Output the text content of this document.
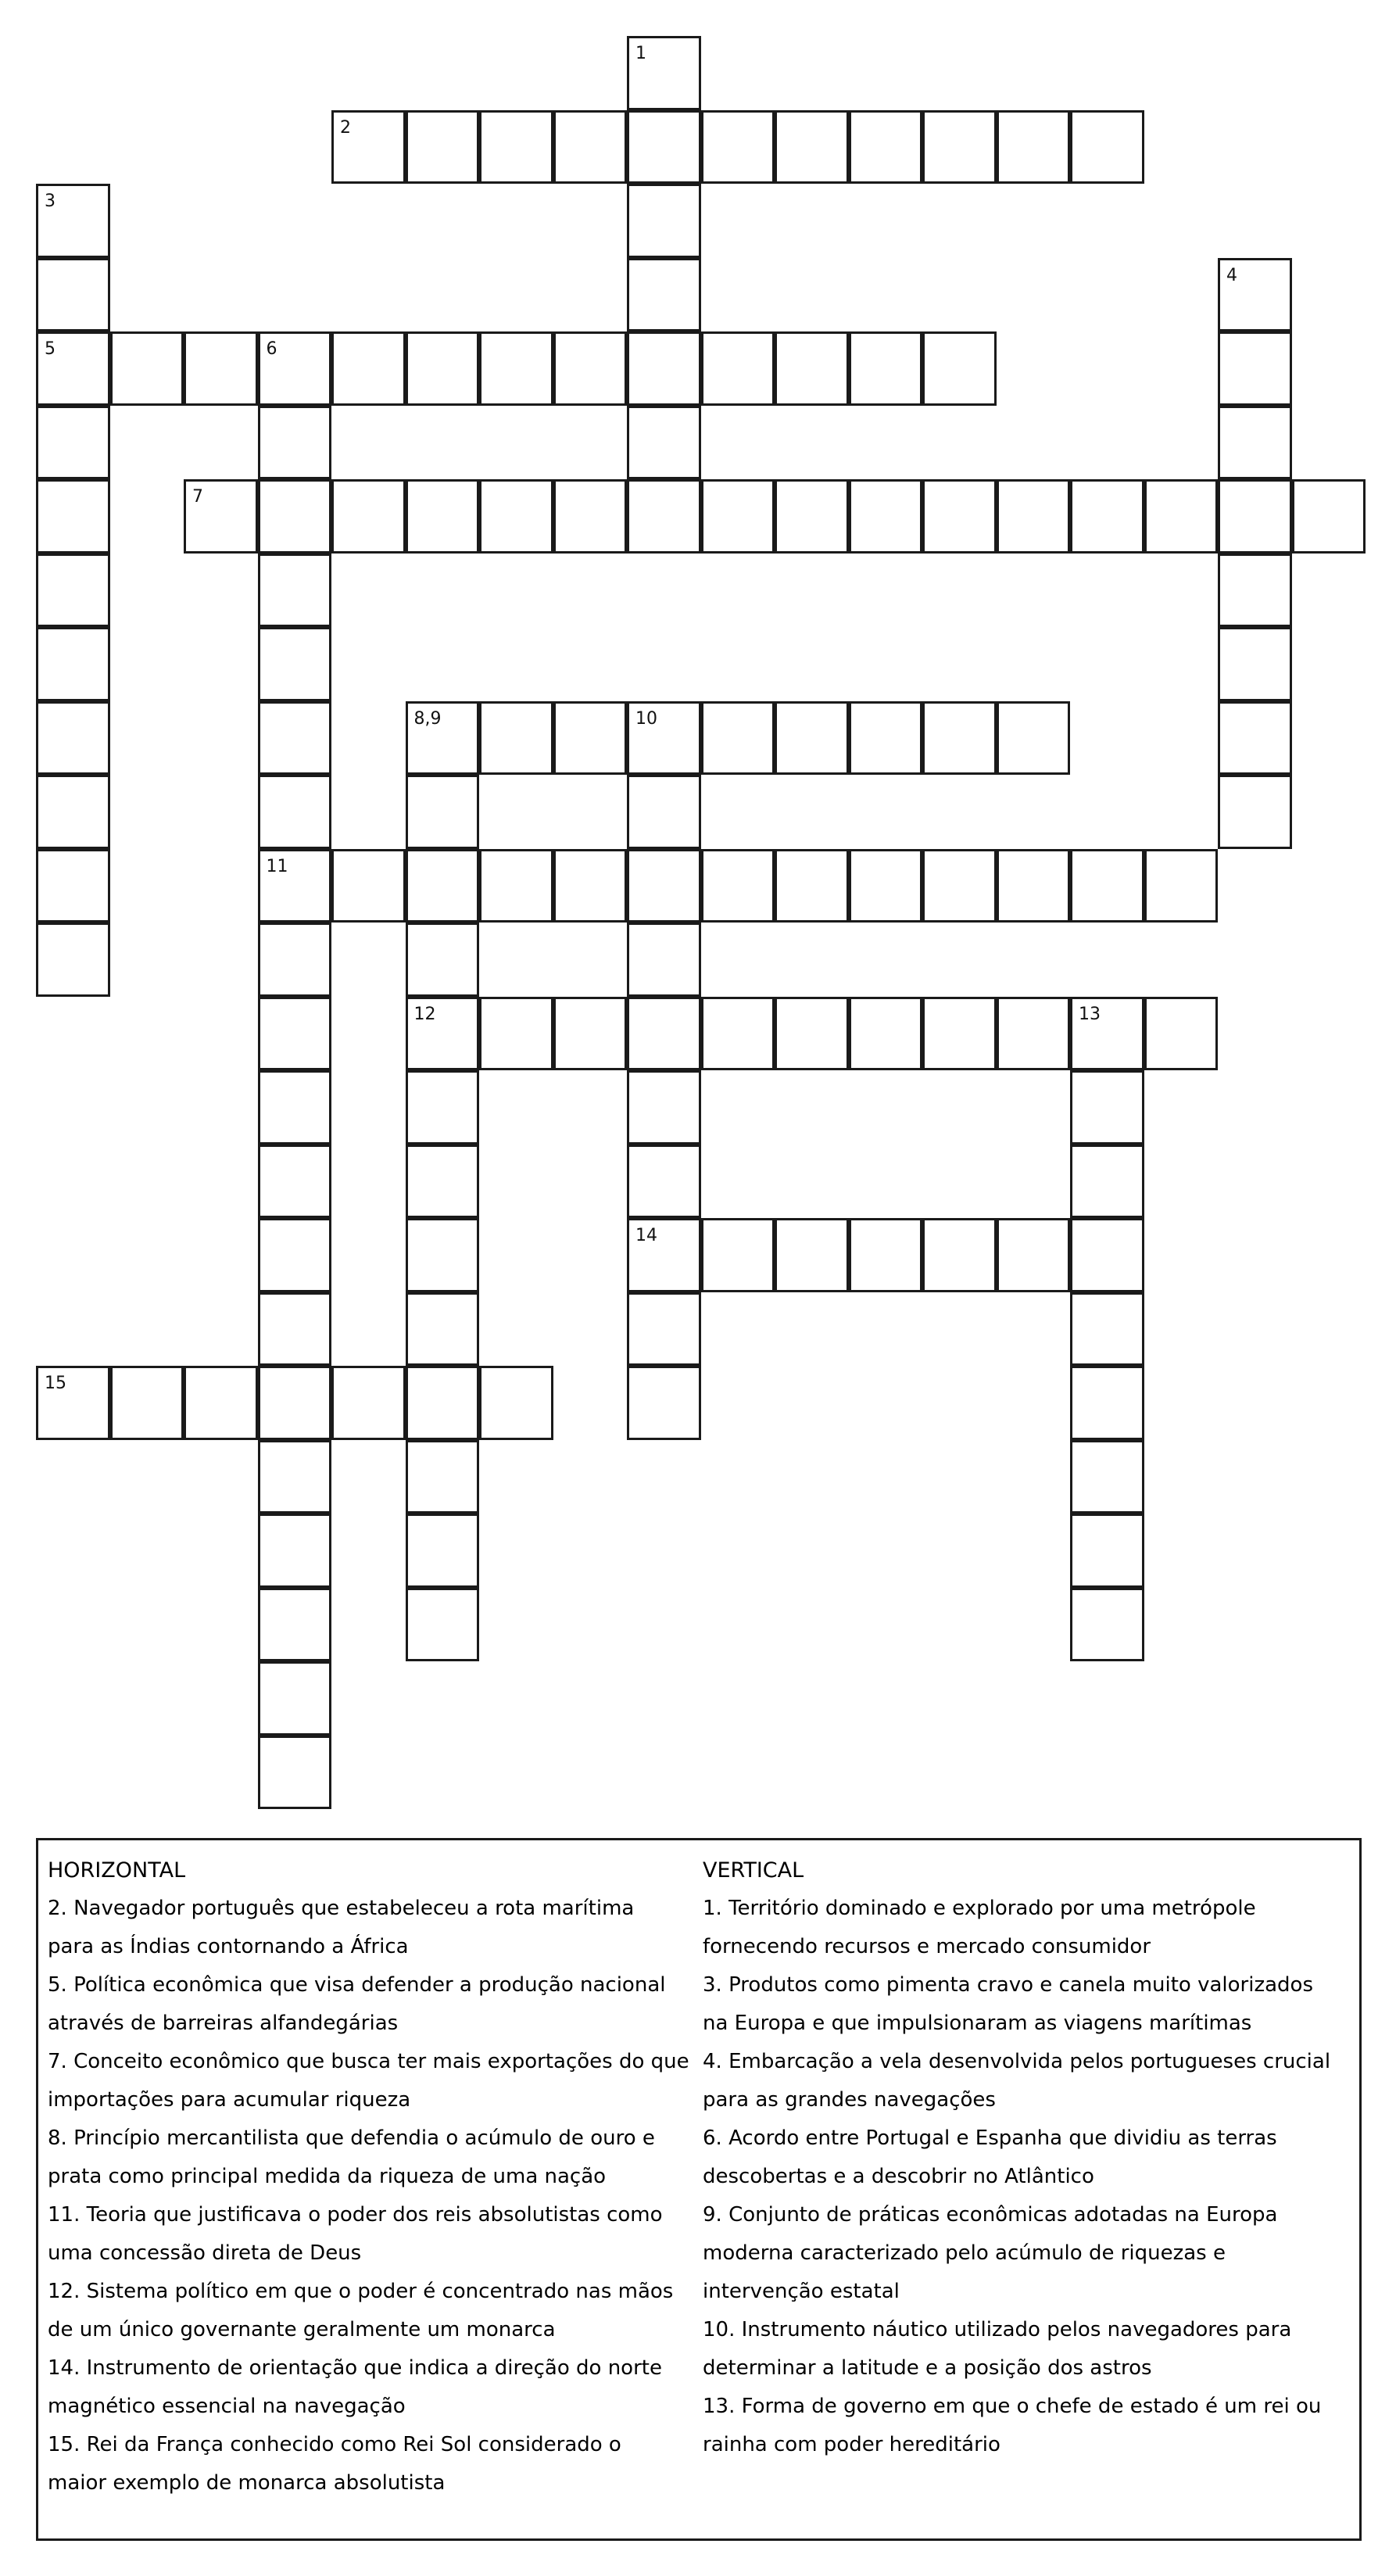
1
2
3
4
5	6
7
8,9	10
11
12	13
14
15
HORIZONTAL
2. Navegador português que estabeleceu a rota marítima
para as Índias contornando a África
5. Política econômica que visa defender a produção nacional
através de barreiras alfandegárias
7. Conceito econômico que busca ter mais exportações do que
importações para acumular riqueza
8. Princípio mercantilista que defendia o acúmulo de ouro e
prata como principal medida da riqueza de uma nação
11. Teoria que justificava o poder dos reis absolutistas como
uma concessão direta de Deus
12. Sistema político em que o poder é concentrado nas mãos
de um único governante geralmente um monarca
14. Instrumento de orientação que indica a direção do norte
magnético essencial na navegação
15. Rei da França conhecido como Rei Sol considerado o
maior exemplo de monarca absolutista
VERTICAL
1. Território dominado e explorado por uma metrópole
fornecendo recursos e mercado consumidor
3. Produtos como pimenta cravo e canela muito valorizados
na Europa e que impulsionaram as viagens marítimas
4. Embarcação a vela desenvolvida pelos portugueses crucial
para as grandes navegações
6. Acordo entre Portugal e Espanha que dividiu as terras
descobertas e a descobrir no Atlântico
9. Conjunto de práticas econômicas adotadas na Europa
moderna caracterizado pelo acúmulo de riquezas e
intervenção estatal
10. Instrumento náutico utilizado pelos navegadores para
determinar a latitude e a posição dos astros
13. Forma de governo em que o chefe de estado é um rei ou
rainha com poder hereditário
